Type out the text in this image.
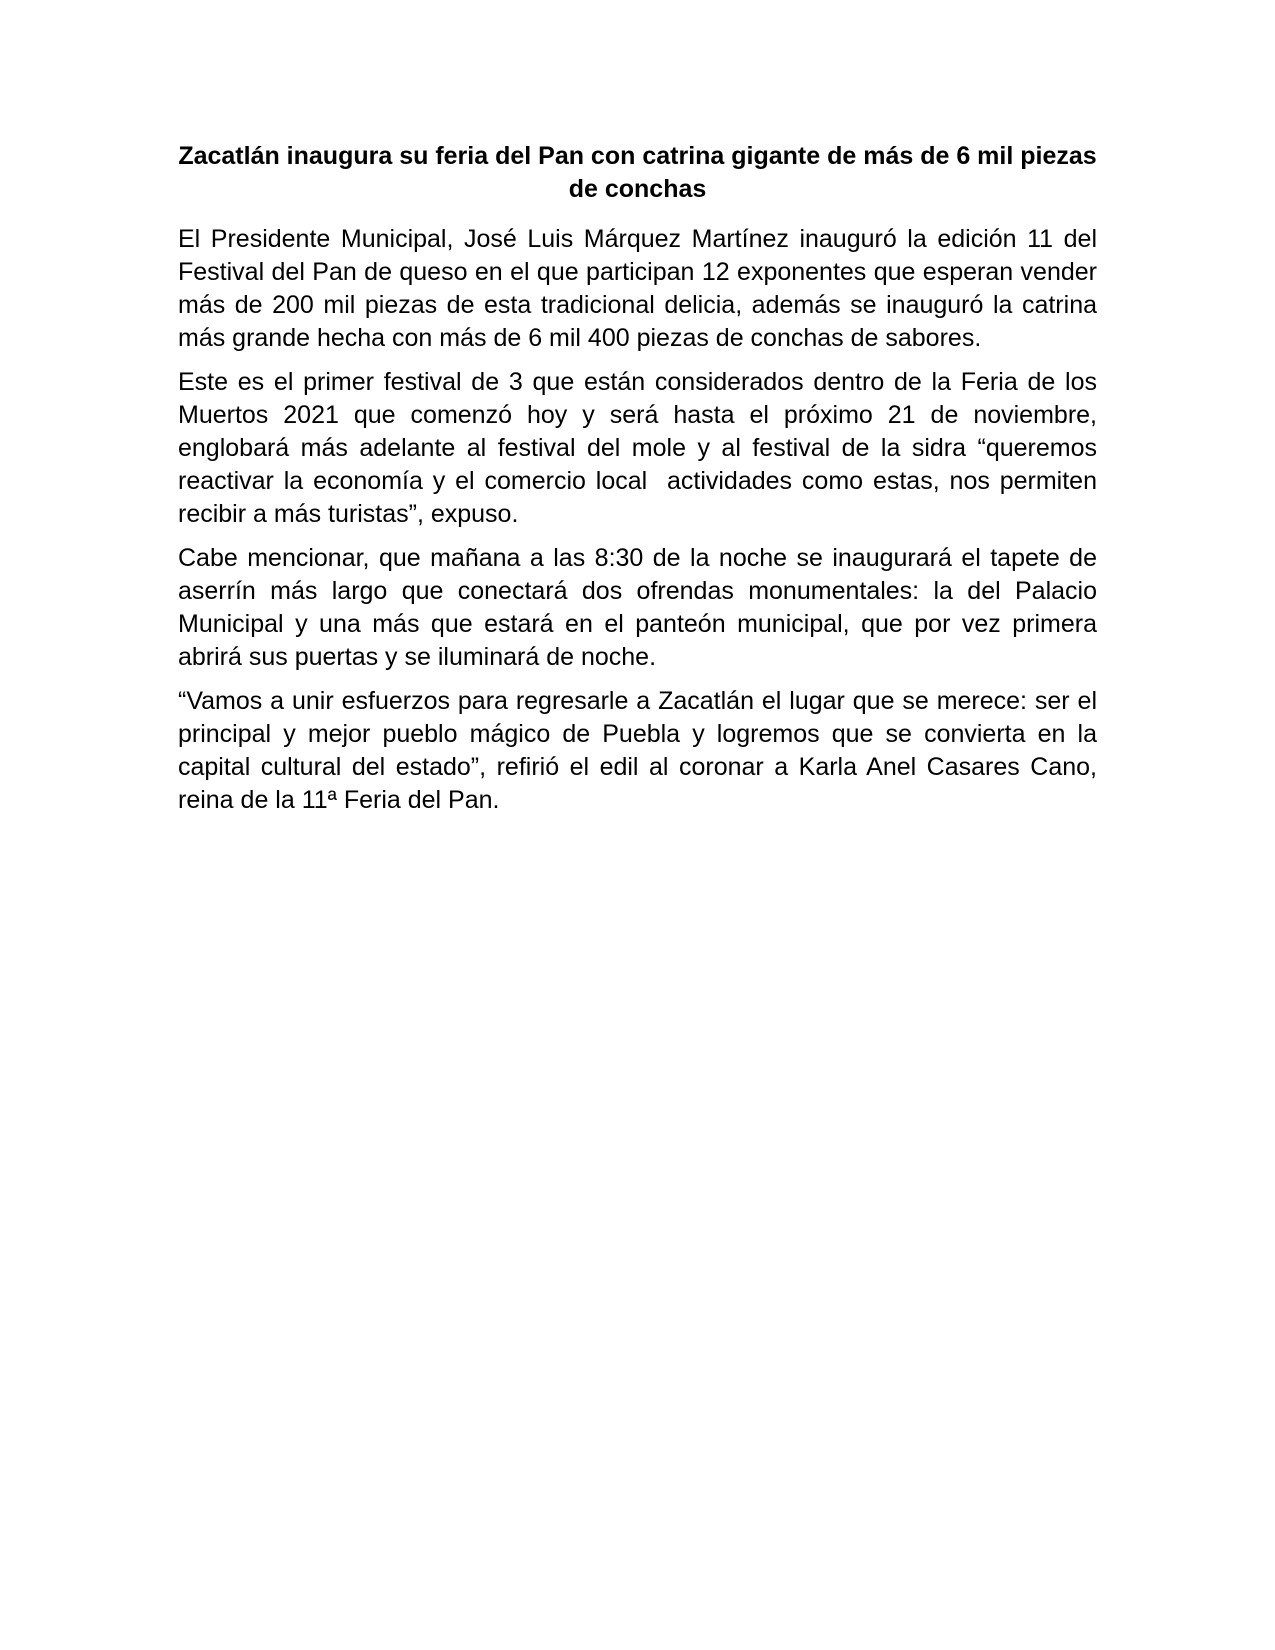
Zacatlán inaugura su feria del Pan con catrina gigante de más de 6 mil piezas de conchas

El Presidente Municipal, José Luis Márquez Martínez inauguró la edición 11 del Festival del Pan de queso en el que participan 12 exponentes que esperan vender más de 200 mil piezas de esta tradicional delicia, además se inauguró la catrina más grande hecha con más de 6 mil 400 piezas de conchas de sabores.

Este es el primer festival de 3 que están considerados dentro de la Feria de los Muertos 2021 que comenzó hoy y será hasta el próximo 21 de noviembre, englobará más adelante al festival del mole y al festival de la sidra “queremos reactivar la economía y el comercio local  actividades como estas, nos permiten recibir a más turistas”, expuso.

Cabe mencionar, que mañana a las 8:30 de la noche se inaugurará el tapete de aserrín más largo que conectará dos ofrendas monumentales: la del Palacio Municipal y una más que estará en el panteón municipal, que por vez primera abrirá sus puertas y se iluminará de noche.

“Vamos a unir esfuerzos para regresarle a Zacatlán el lugar que se merece: ser el principal y mejor pueblo mágico de Puebla y logremos que se convierta en la capital cultural del estado”, refirió el edil al coronar a Karla Anel Casares Cano, reina de la 11ª Feria del Pan.
